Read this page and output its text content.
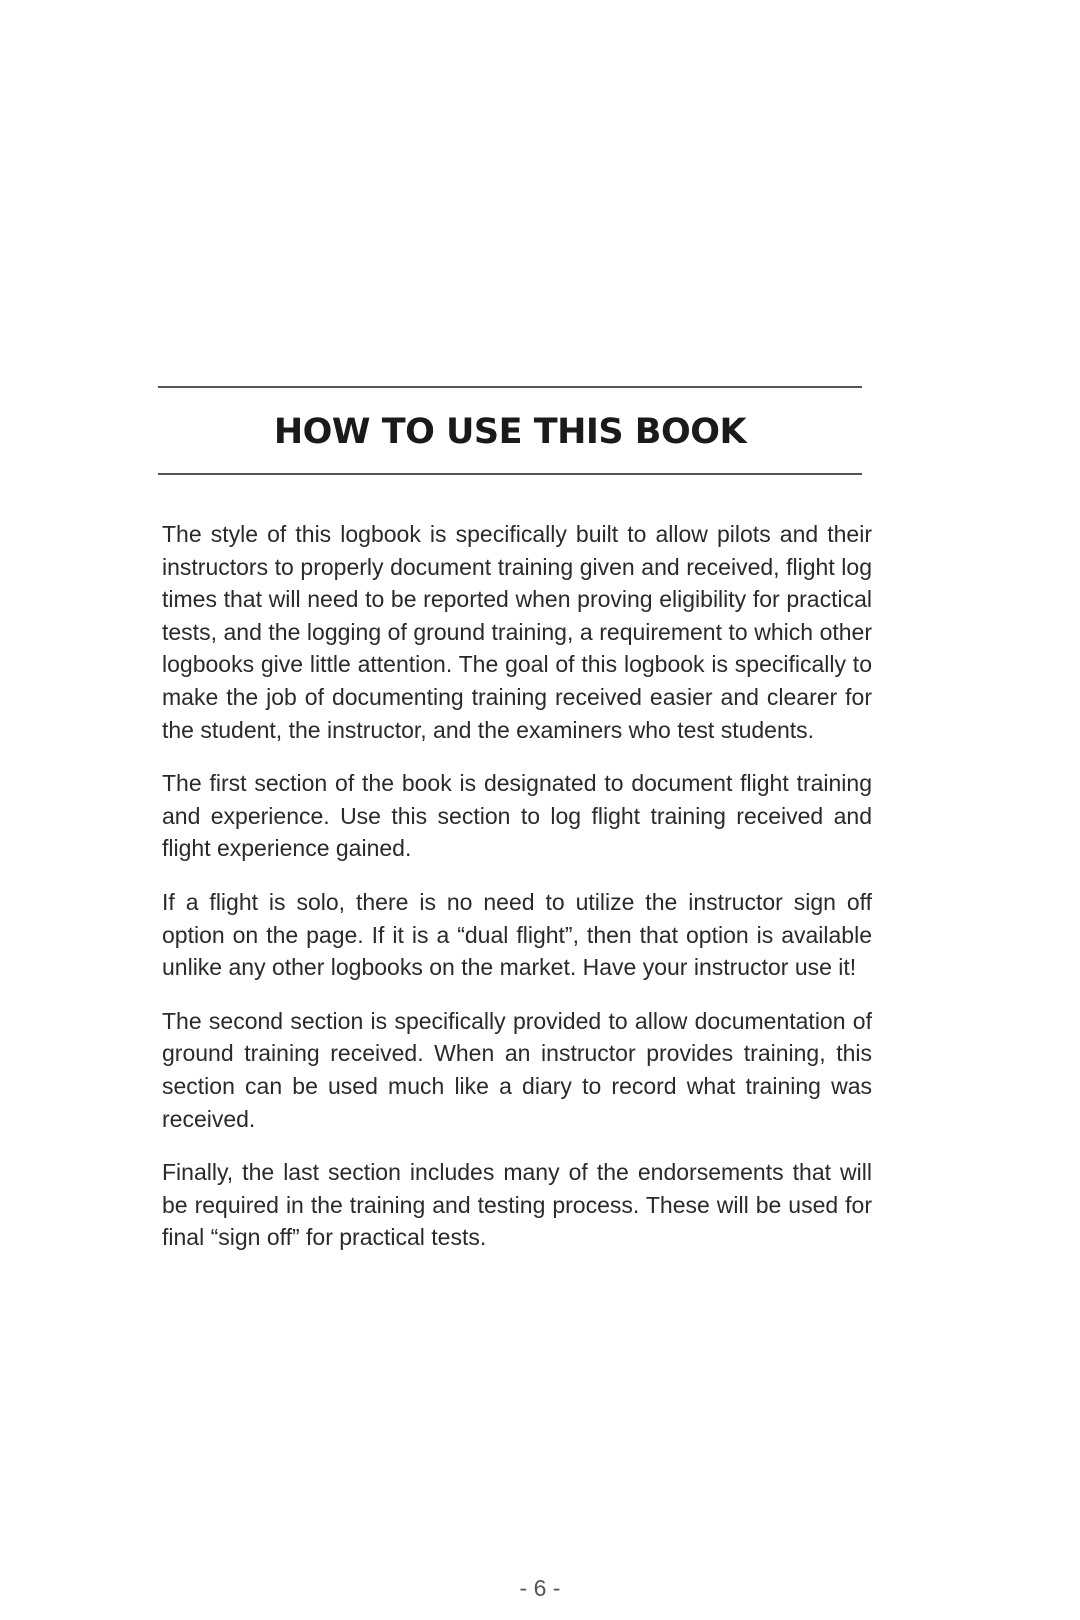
HOW TO USE THIS BOOK

The style of this logbook is specifically built to allow pilots and their instructors to properly document training given and received, flight log times that will need to be reported when proving eligibility for practical tests, and the logging of ground training, a requirement to which other logbooks give little attention. The goal of this logbook is specifically to make the job of documenting training received easier and clearer for the student, the instructor, and the examiners who test students.

The first section of the book is designated to document flight training and experience. Use this section to log flight training received and flight experience gained.

If a flight is solo, there is no need to utilize the instructor sign off option on the page. If it is a “dual flight”, then that option is available unlike any other logbooks on the market. Have your instructor use it!

The second section is specifically provided to allow documentation of ground training received. When an instructor provides training, this section can be used much like a diary to record what training was received.

Finally, the last section includes many of the endorsements that will be required in the training and testing process. These will be used for final “sign off” for practical tests.

- 6 -
